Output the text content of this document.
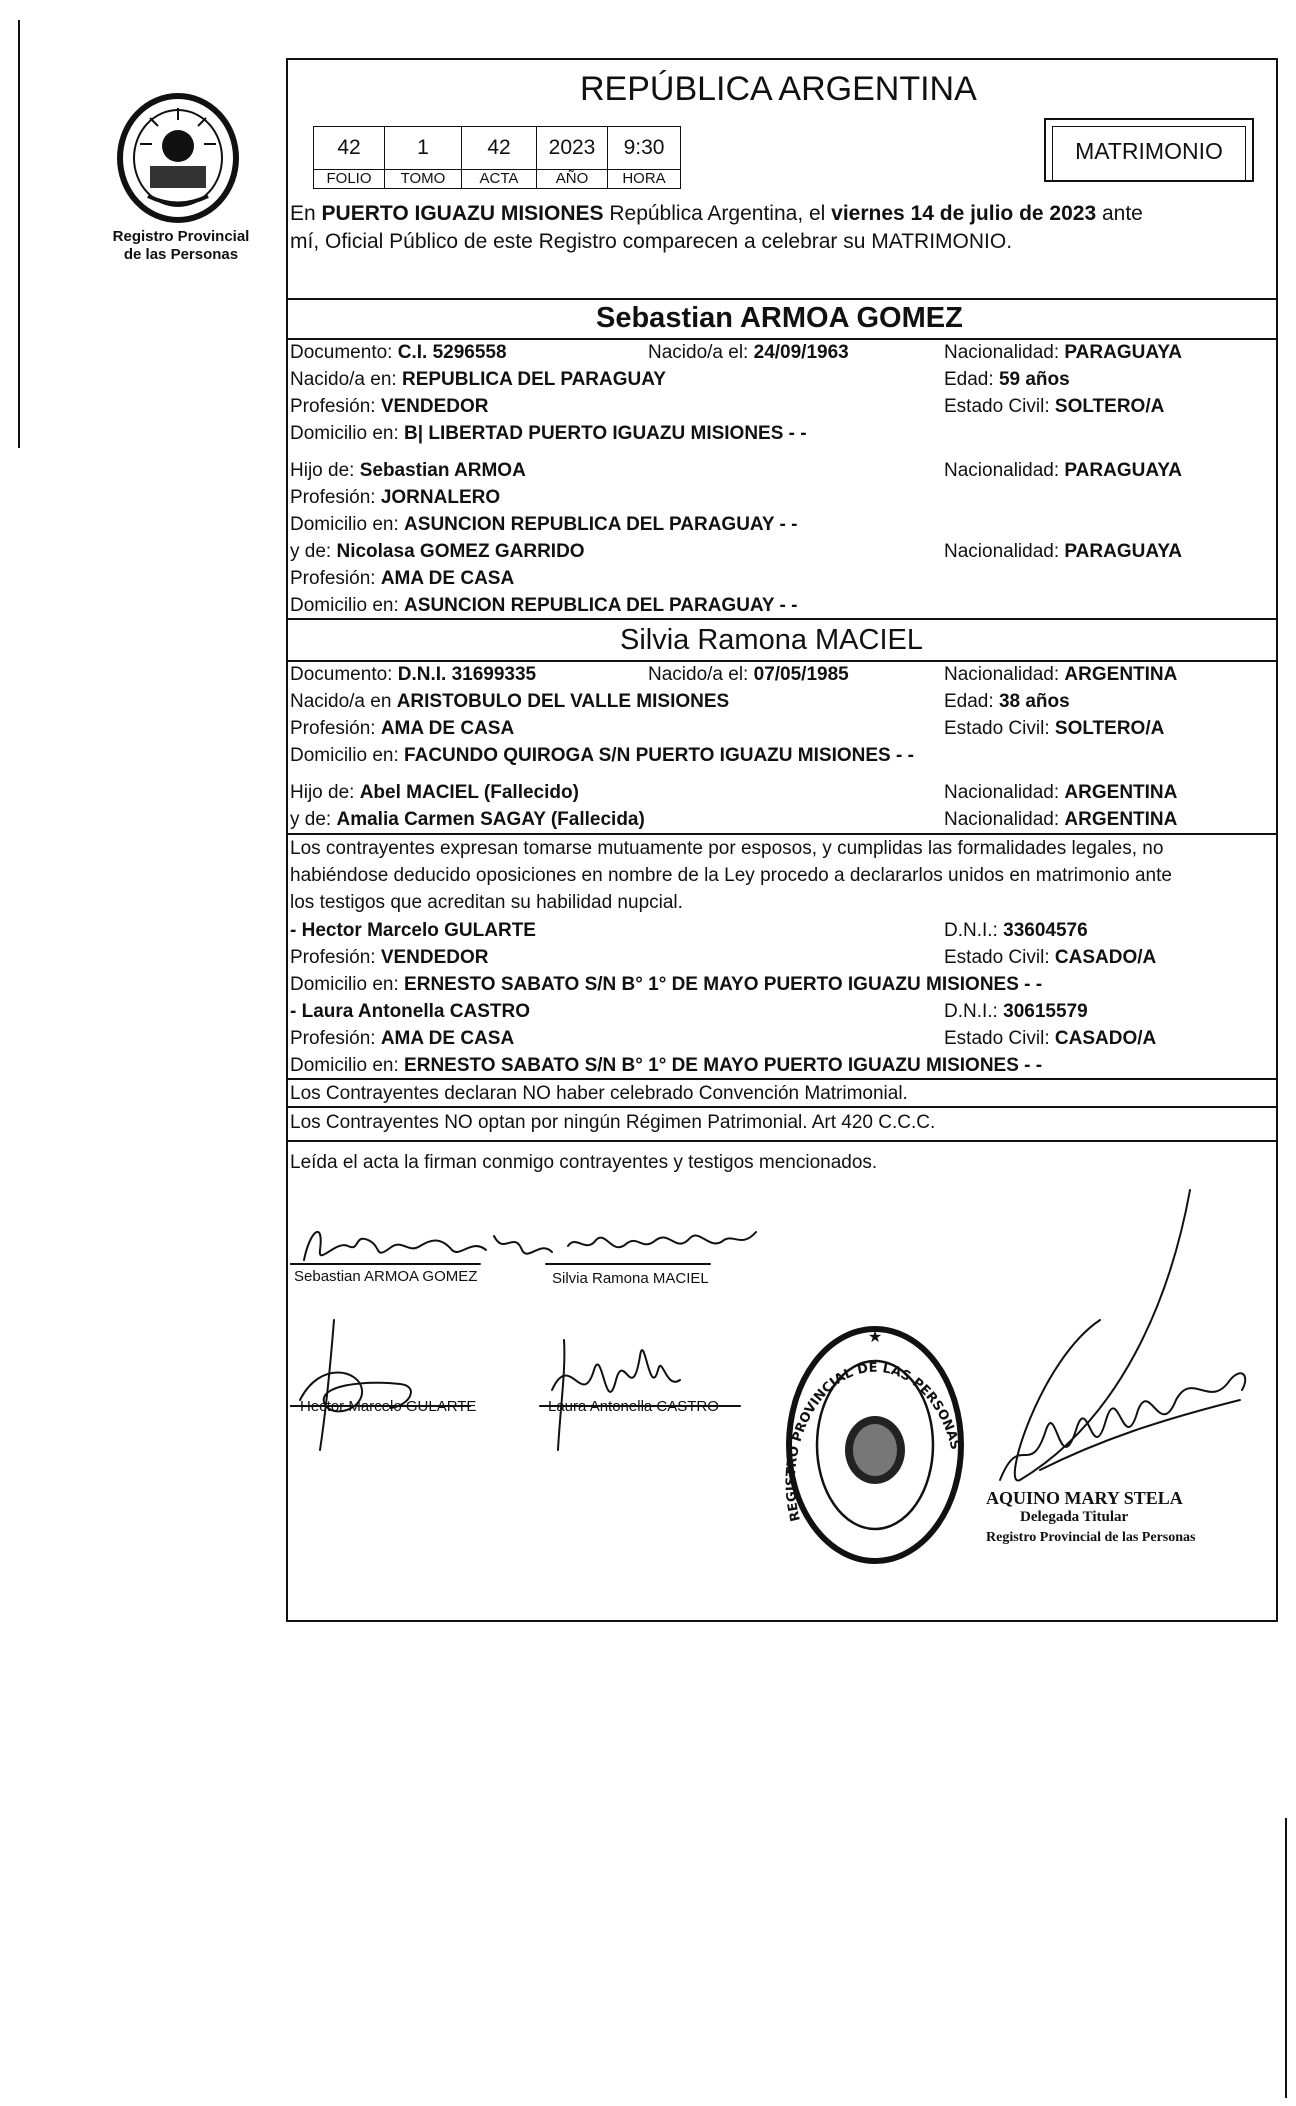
Registro Provincial
de las Personas
REPÚBLICA ARGENTINA
42	1	42	2023	9:30
FOLIO	TOMO	ACTA	AÑO	HORA
MATRIMONIO
En PUERTO IGUAZU MISIONES República Argentina, el viernes 14 de julio de 2023 ante
mí, Oficial Público de este Registro comparecen a celebrar su MATRIMONIO.
Sebastian ARMOA GOMEZ
Documento: C.I. 5296558	Nacido/a el: 24/09/1963	Nacionalidad: PARAGUAYA
Nacido/a en: REPUBLICA DEL PARAGUAY	Edad: 59 años
Profesión: VENDEDOR	Estado Civil: SOLTERO/A
Domicilio en: B| LIBERTAD PUERTO IGUAZU MISIONES - -
Hijo de: Sebastian ARMOA	Nacionalidad: PARAGUAYA
Profesión: JORNALERO
Domicilio en: ASUNCION REPUBLICA DEL PARAGUAY - -
y de: Nicolasa GOMEZ GARRIDO	Nacionalidad: PARAGUAYA
Profesión: AMA DE CASA
Domicilio en: ASUNCION REPUBLICA DEL PARAGUAY - -
Silvia Ramona MACIEL
Documento: D.N.I. 31699335	Nacido/a el: 07/05/1985	Nacionalidad: ARGENTINA
Nacido/a en ARISTOBULO DEL VALLE MISIONES	Edad: 38 años
Profesión: AMA DE CASA	Estado Civil: SOLTERO/A
Domicilio en: FACUNDO QUIROGA S/N PUERTO IGUAZU MISIONES - -
Hijo de: Abel MACIEL (Fallecido)	Nacionalidad: ARGENTINA
y de: Amalia Carmen SAGAY (Fallecida)	Nacionalidad: ARGENTINA
Los contrayentes expresan tomarse mutuamente por esposos, y cumplidas las formalidades legales, no
habiéndose deducido oposiciones en nombre de la Ley procedo a declararlos unidos en matrimonio ante
los testigos que acreditan su habilidad nupcial.
- Hector Marcelo GULARTE	D.N.I.: 33604576
Profesión: VENDEDOR	Estado Civil: CASADO/A
Domicilio en: ERNESTO SABATO S/N B° 1° DE MAYO PUERTO IGUAZU MISIONES - -
- Laura Antonella CASTRO	D.N.I.: 30615579
Profesión: AMA DE CASA	Estado Civil: CASADO/A
Domicilio en: ERNESTO SABATO S/N B° 1° DE MAYO PUERTO IGUAZU MISIONES - -
Los Contrayentes declaran NO haber celebrado Convención Matrimonial.
Los Contrayentes NO optan por ningún Régimen Patrimonial. Art 420 C.C.C.
Leída el acta la firman conmigo contrayentes y testigos mencionados.
Sebastian ARMOA GOMEZ	Silvia Ramona MACIEL
Hector Marcelo GULARTE	Laura Antonella CASTRO
REGISTRO PROVINCIAL DE LAS PERSONAS
★
AQUINO MARY STELA
Delegada Titular
Registro Provincial de las Personas
